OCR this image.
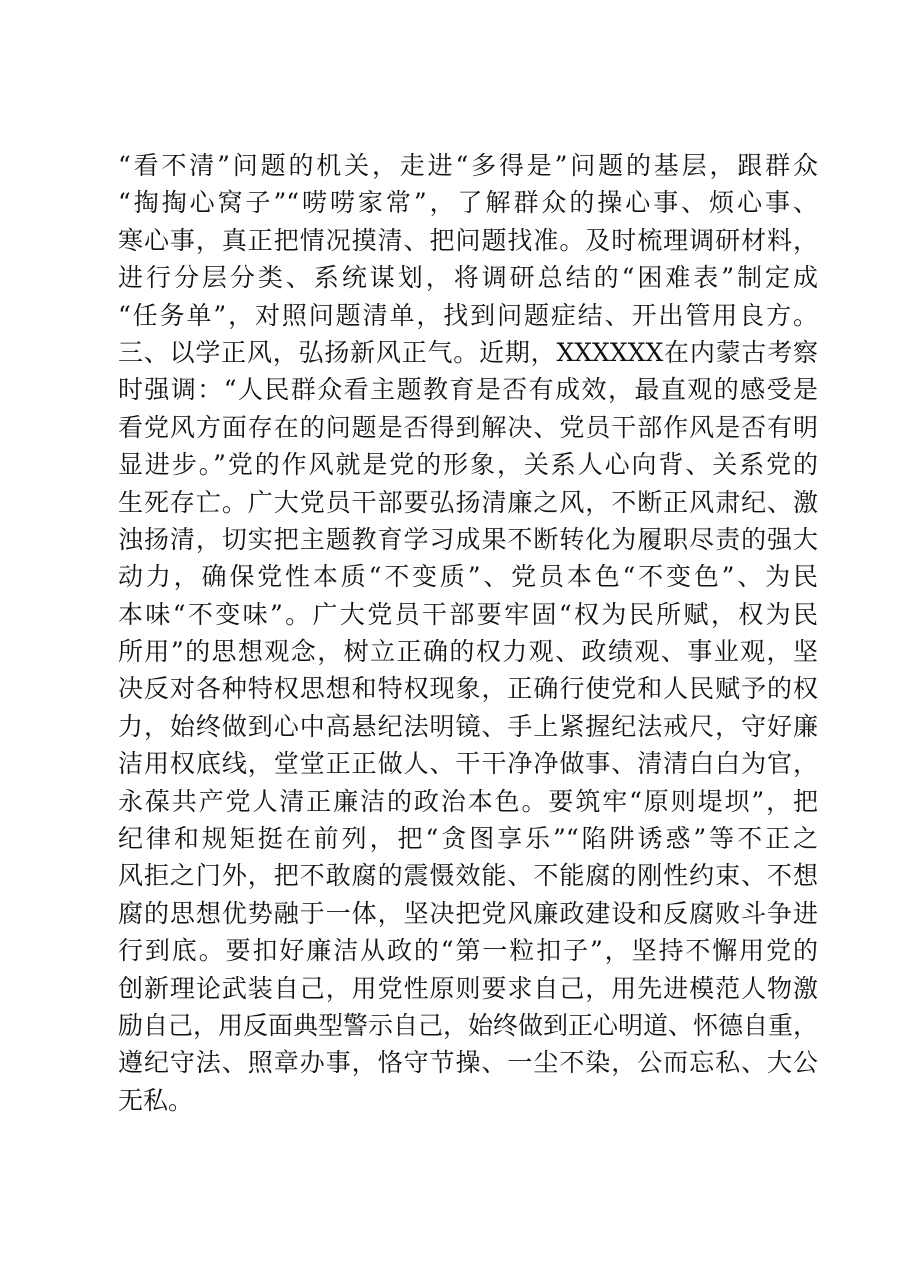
“看不清”问题的机关，走进“多得是”问题的基层，跟群众
“掏掏心窝子”“唠唠家常”，了解群众的操心事、烦心事、
寒心事，真正把情况摸清、把问题找准。及时梳理调研材料，
进行分层分类、系统谋划，将调研总结的“困难表”制定成
“任务单”，对照问题清单，找到问题症结、开出管用良方。
三、以学正风，弘扬新风正气。近期，XXXXXX在内蒙古考察
时强调：“人民群众看主题教育是否有成效，最直观的感受是
看党风方面存在的问题是否得到解决、党员干部作风是否有明
显进步。”党的作风就是党的形象，关系人心向背、关系党的
生死存亡。广大党员干部要弘扬清廉之风，不断正风肃纪、激
浊扬清，切实把主题教育学习成果不断转化为履职尽责的强大
动力，确保党性本质“不变质”、党员本色“不变色”、为民
本味“不变味”。广大党员干部要牢固“权为民所赋，权为民
所用”的思想观念，树立正确的权力观、政绩观、事业观，坚
决反对各种特权思想和特权现象，正确行使党和人民赋予的权
力，始终做到心中高悬纪法明镜、手上紧握纪法戒尺，守好廉
洁用权底线，堂堂正正做人、干干净净做事、清清白白为官，
永葆共产党人清正廉洁的政治本色。要筑牢“原则堤坝”，把
纪律和规矩挺在前列，把“贪图享乐”“陷阱诱惑”等不正之
风拒之门外，把不敢腐的震慑效能、不能腐的刚性约束、不想
腐的思想优势融于一体，坚决把党风廉政建设和反腐败斗争进
行到底。要扣好廉洁从政的“第一粒扣子”，坚持不懈用党的
创新理论武装自己，用党性原则要求自己，用先进模范人物激
励自己，用反面典型警示自己，始终做到正心明道、怀德自重，
遵纪守法、照章办事，恪守节操、一尘不染，公而忘私、大公
无私。
